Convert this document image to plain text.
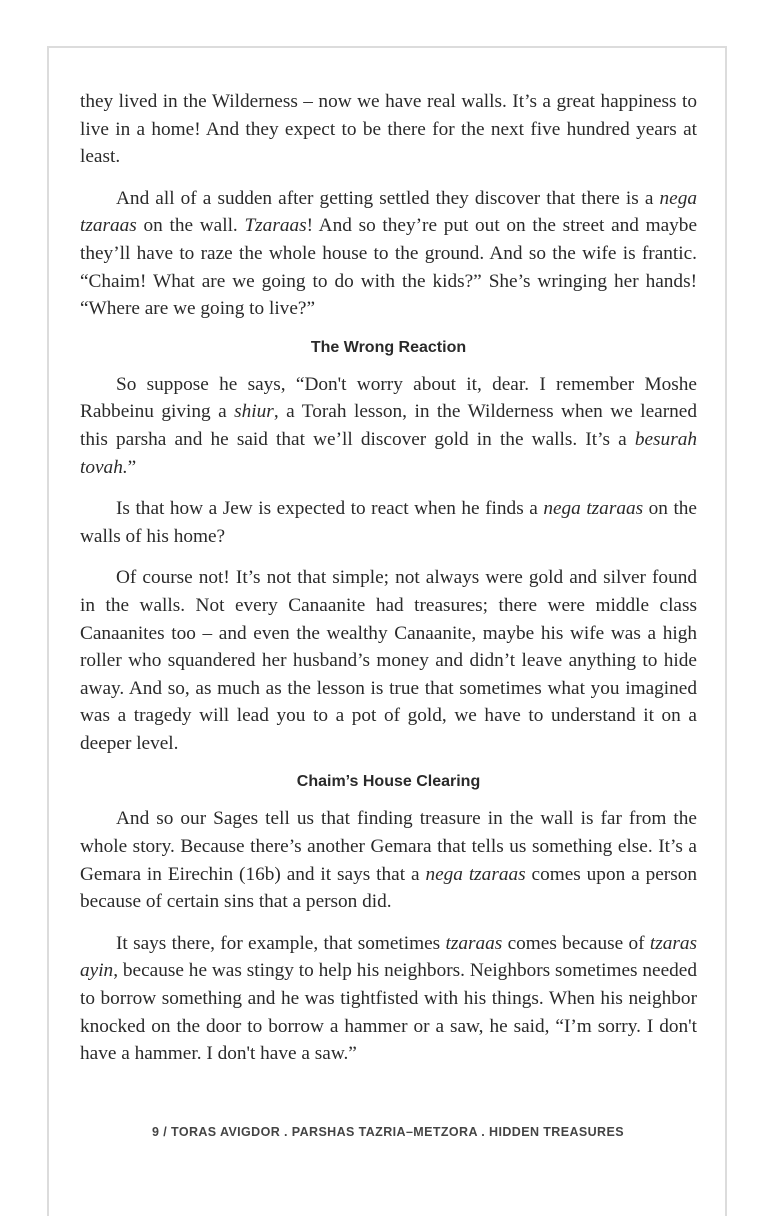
they lived in the Wilderness – now we have real walls. It’s a great happiness to live in a home! And they expect to be there for the next five hundred years at least.

And all of a sudden after getting settled they discover that there is a nega tzaraas on the wall. Tzaraas! And so they’re put out on the street and maybe they’ll have to raze the whole house to the ground. And so the wife is frantic. “Chaim! What are we going to do with the kids?” She’s wringing her hands! “Where are we going to live?”

The Wrong Reaction

So suppose he says, “Don't worry about it, dear. I remember Moshe Rabbeinu giving a shiur, a Torah lesson, in the Wilderness when we learned this parsha and he said that we’ll discover gold in the walls. It’s a besurah tovah.”

Is that how a Jew is expected to react when he finds a nega tzaraas on the walls of his home?

Of course not! It’s not that simple; not always were gold and silver found in the walls. Not every Canaanite had treasures; there were middle class Canaanites too – and even the wealthy Canaanite, maybe his wife was a high roller who squandered her husband’s money and didn’t leave anything to hide away. And so, as much as the lesson is true that sometimes what you imagined was a tragedy will lead you to a pot of gold, we have to understand it on a deeper level.

Chaim’s House Clearing

And so our Sages tell us that finding treasure in the wall is far from the whole story. Because there’s another Gemara that tells us something else. It’s a Gemara in Eirechin (16b) and it says that a nega tzaraas comes upon a person because of certain sins that a person did.

It says there, for example, that sometimes tzaraas comes because of tzaras ayin, because he was stingy to help his neighbors. Neighbors sometimes needed to borrow something and he was tightfisted with his things. When his neighbor knocked on the door to borrow a hammer or a saw, he said, “I’m sorry. I don't have a hammer. I don't have a saw.”

9 / TORAS AVIGDOR . PARSHAS TAZRIA–METZORA . HIDDEN TREASURES
